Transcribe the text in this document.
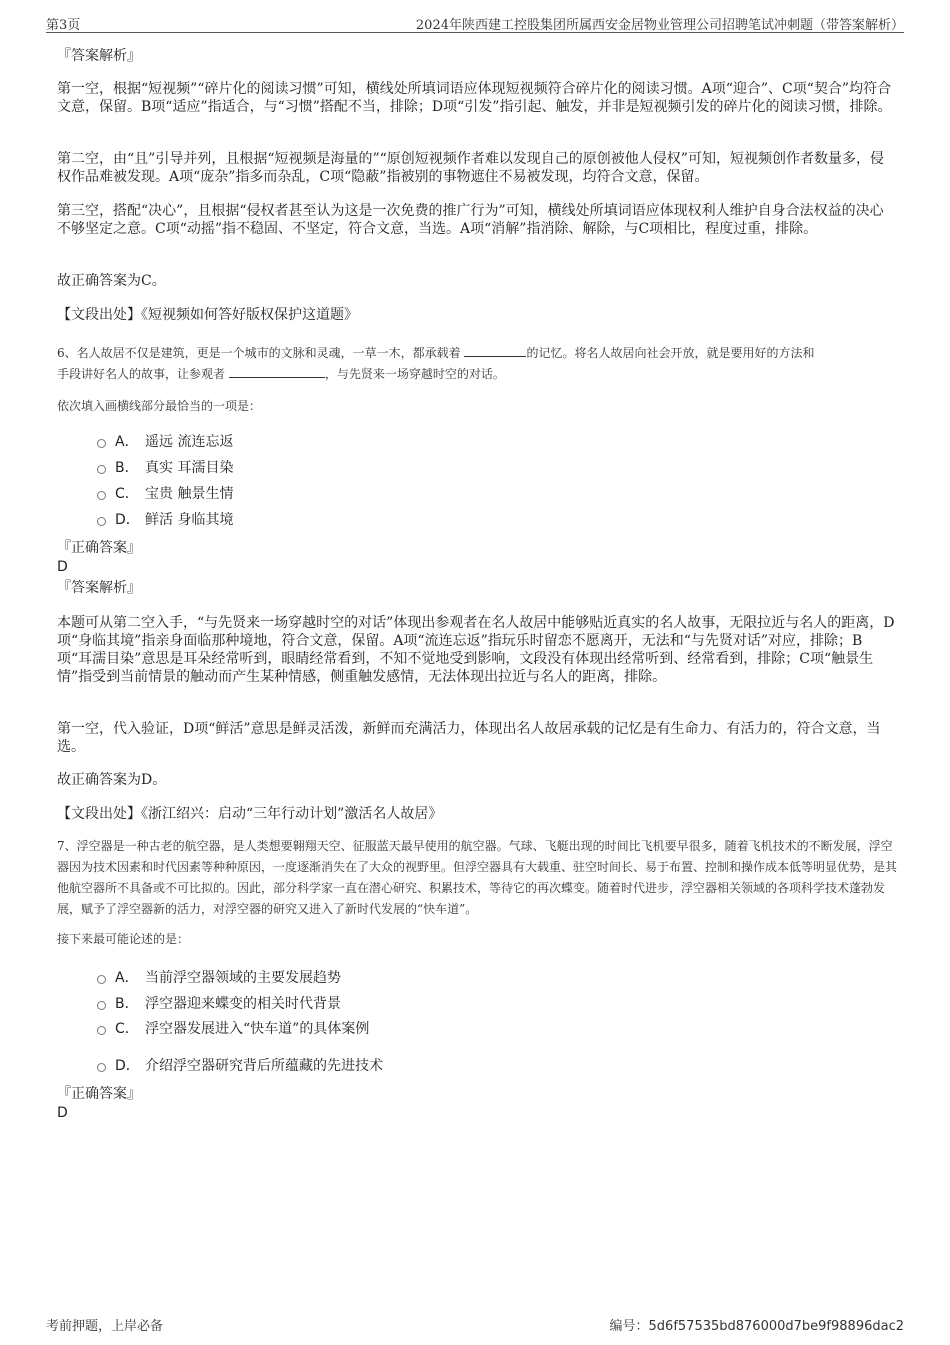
第3页	2024年陕西建工控股集团所属西安金居物业管理公司招聘笔试冲刺题（带答案解析）
『答案解析』

第一空，根据“短视频”“碎片化的阅读习惯”可知，横线处所填词语应体现短视频符合碎片化的阅读习惯。A项“迎合”、C项“契合”均符合文意，保留。B项“适应”指适合，与“习惯”搭配不当，排除；D项“引发”指引起、触发，并非是短视频引发的碎片化的阅读习惯，排除。

第二空，由“且”引导并列，且根据“短视频是海量的”“原创短视频作者难以发现自己的原创被他人侵权”可知，短视频创作者数量多，侵权作品难被发现。A项“庞杂”指多而杂乱，C项“隐蔽”指被别的事物遮住不易被发现，均符合文意，保留。

第三空，搭配“决心”，且根据“侵权者甚至认为这是一次免费的推广行为”可知，横线处所填词语应体现权利人维护自身合法权益的决心不够坚定之意。C项“动摇”指不稳固、不坚定，符合文意，当选。A项“消解”指消除、解除，与C项相比，程度过重，排除。

故正确答案为C。

【文段出处】《短视频如何答好版权保护这道题》

6、名人故居不仅是建筑，更是一个城市的文脉和灵魂，一草一木，都承载着	的记忆。将名人故居向社会开放，就是要用好的方法和
手段讲好名人的故事，让参观者	，与先贤来一场穿越时空的对话。

依次填入画横线部分最恰当的一项是：

A． 遥远 流连忘返
B． 真实 耳濡目染
C． 宝贵 触景生情
D． 鲜活 身临其境
『正确答案』
D
『答案解析』

本题可从第二空入手，“与先贤来一场穿越时空的对话”体现出参观者在名人故居中能够贴近真实的名人故事，无限拉近与名人的距离，D项“身临其境”指亲身面临那种境地，符合文意，保留。A项“流连忘返”指玩乐时留恋不愿离开，无法和“与先贤对话”对应，排除；B项“耳濡目染”意思是耳朵经常听到，眼睛经常看到，不知不觉地受到影响，文段没有体现出经常听到、经常看到，排除；C项“触景生情”指受到当前情景的触动而产生某种情感，侧重触发感情，无法体现出拉近与名人的距离，排除。

第一空，代入验证，D项“鲜活”意思是鲜灵活泼，新鲜而充满活力，体现出名人故居承载的记忆是有生命力、有活力的，符合文意，当选。

故正确答案为D。

【文段出处】《浙江绍兴：启动“三年行动计划”激活名人故居》

7、浮空器是一种古老的航空器，是人类想要翱翔天空、征服蓝天最早使用的航空器。气球、飞艇出现的时间比飞机要早很多，随着飞机技术的不断发展，浮空器因为技术因素和时代因素等种种原因，一度逐渐消失在了大众的视野里。但浮空器具有大载重、驻空时间长、易于布置、控制和操作成本低等明显优势，是其他航空器所不具备或不可比拟的。因此，部分科学家一直在潜心研究、积累技术，等待它的再次蝶变。随着时代进步，浮空器相关领域的各项科学技术蓬勃发展，赋予了浮空器新的活力，对浮空器的研究又进入了新时代发展的“快车道”。

接下来最可能论述的是：

A． 当前浮空器领域的主要发展趋势
B． 浮空器迎来蝶变的相关时代背景
C． 浮空器发展进入“快车道”的具体案例
D． 介绍浮空器研究背后所蕴藏的先进技术
『正确答案』
D
考前押题，上岸必备	编号：5d6f57535bd876000d7be9f98896dac2
